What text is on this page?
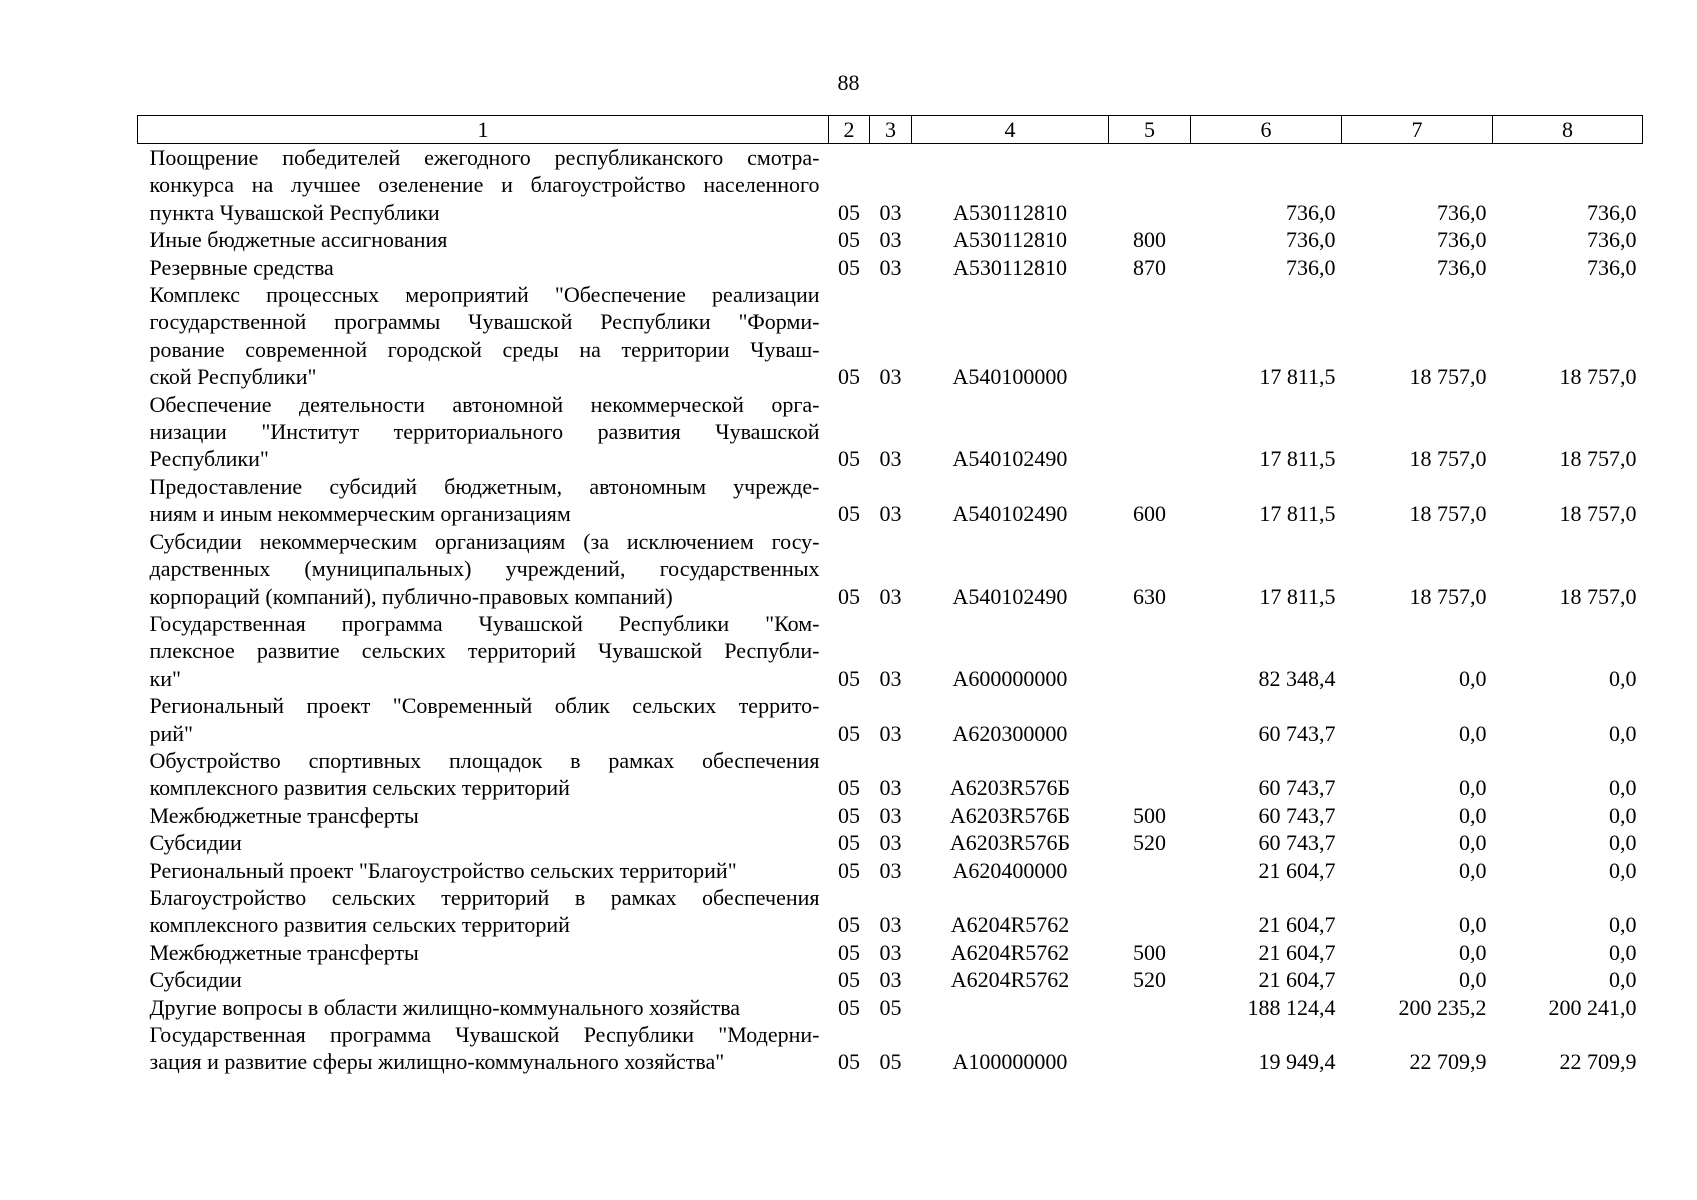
88
1	2	3	4	5	6	7	8

Поощрение победителей ежегодного республиканского смотра-
конкурса на лучшее озеленение и благоустройство населенного
пункта Чувашской Республики	05	03	А530112810		736,0	736,0	736,0

Иные бюджетные ассигнования	05	03	А530112810	800	736,0	736,0	736,0

Резервные средства	05	03	А530112810	870	736,0	736,0	736,0

Комплекс процессных мероприятий "Обеспечение реализации
государственной программы Чувашской Республики "Форми-
рование современной городской среды на территории Чуваш-
ской Республики"	05	03	А540100000		17 811,5	18 757,0	18 757,0

Обеспечение деятельности автономной некоммерческой орга-
низации "Институт территориального развития Чувашской
Республики"	05	03	А540102490		17 811,5	18 757,0	18 757,0

Предоставление субсидий бюджетным, автономным учрежде-
ниям и иным некоммерческим организациям	05	03	А540102490	600	17 811,5	18 757,0	18 757,0

Субсидии некоммерческим организациям (за исключением госу-
дарственных (муниципальных) учреждений, государственных
корпораций (компаний), публично-правовых компаний)	05	03	А540102490	630	17 811,5	18 757,0	18 757,0

Государственная программа Чувашской Республики "Ком-
плексное развитие сельских территорий Чувашской Республи-
ки"	05	03	А600000000		82 348,4	0,0	0,0

Региональный проект "Современный облик сельских террито-
рий"	05	03	А620300000		60 743,7	0,0	0,0

Обустройство спортивных площадок в рамках обеспечения
комплексного развития сельских территорий	05	03	А6203R576Б		60 743,7	0,0	0,0

Межбюджетные трансферты	05	03	А6203R576Б	500	60 743,7	0,0	0,0

Субсидии	05	03	А6203R576Б	520	60 743,7	0,0	0,0

Региональный проект "Благоустройство сельских территорий"	05	03	А620400000		21 604,7	0,0	0,0

Благоустройство сельских территорий в рамках обеспечения
комплексного развития сельских территорий	05	03	А6204R5762		21 604,7	0,0	0,0

Межбюджетные трансферты	05	03	А6204R5762	500	21 604,7	0,0	0,0

Субсидии	05	03	А6204R5762	520	21 604,7	0,0	0,0

Другие вопросы в области жилищно-коммунального хозяйства	05	05			188 124,4	200 235,2	200 241,0

Государственная программа Чувашской Республики "Модерни-
зация и развитие сферы жилищно-коммунального хозяйства"	05	05	А100000000		19 949,4	22 709,9	22 709,9
